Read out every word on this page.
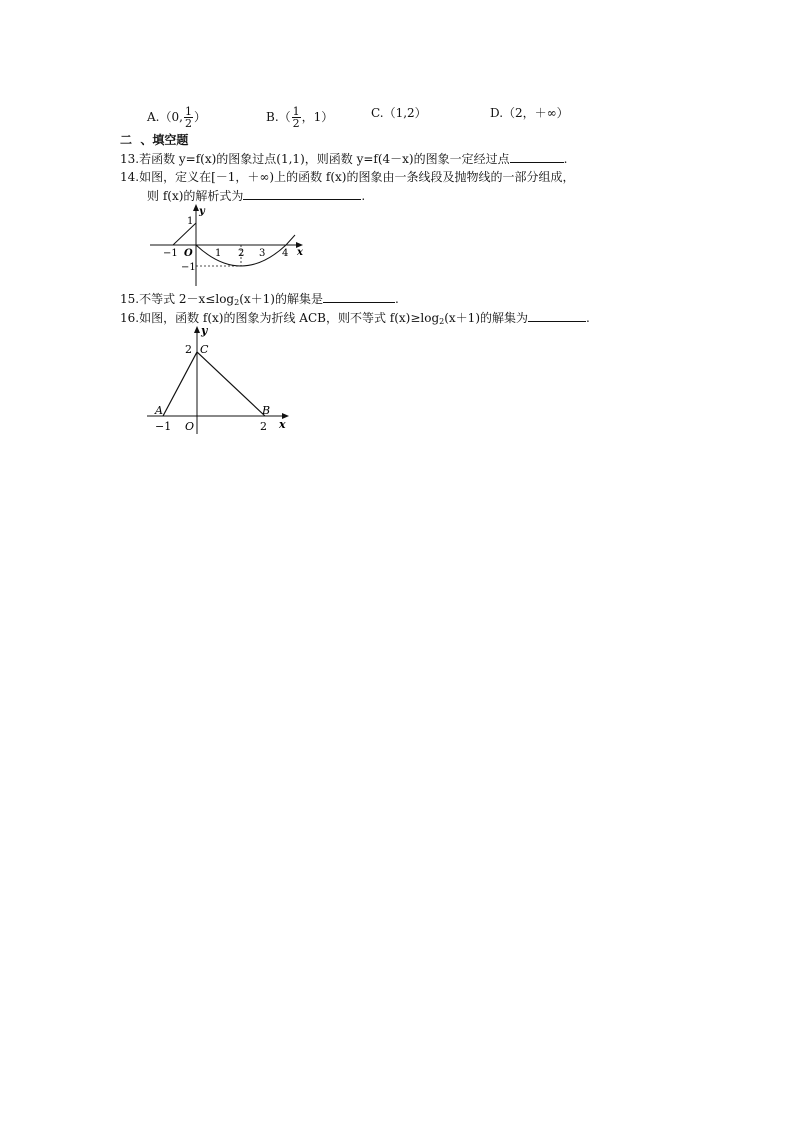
A.（0, $\frac{1}{2}$ ）	$B.( \frac{1}{2}$ ，1）	C.（1,2）	D.（2，＋∞）
二 、填空题
13.若函数 y=f(x)的图象过点(1,1)，则函数 y=f(4－x)的图象一定经过点	.
14.如图，定义在[－1，＋∞)上的函数 f(x)的图象由一条线段及抛物线的一部分组成，
则 f(x)的解析式为	.
y
x
O
−1	1 2 3 4
1
−1
15.不等式 $2-x\le\log_2(x+1)$的解集是	.
16.如图，函数 f(x)的图象为折线 ACB，则不等式 $f(x)\ge\log_2(x+1)$的解集为	.
y
x
O
A	B
C
−1	2
2
